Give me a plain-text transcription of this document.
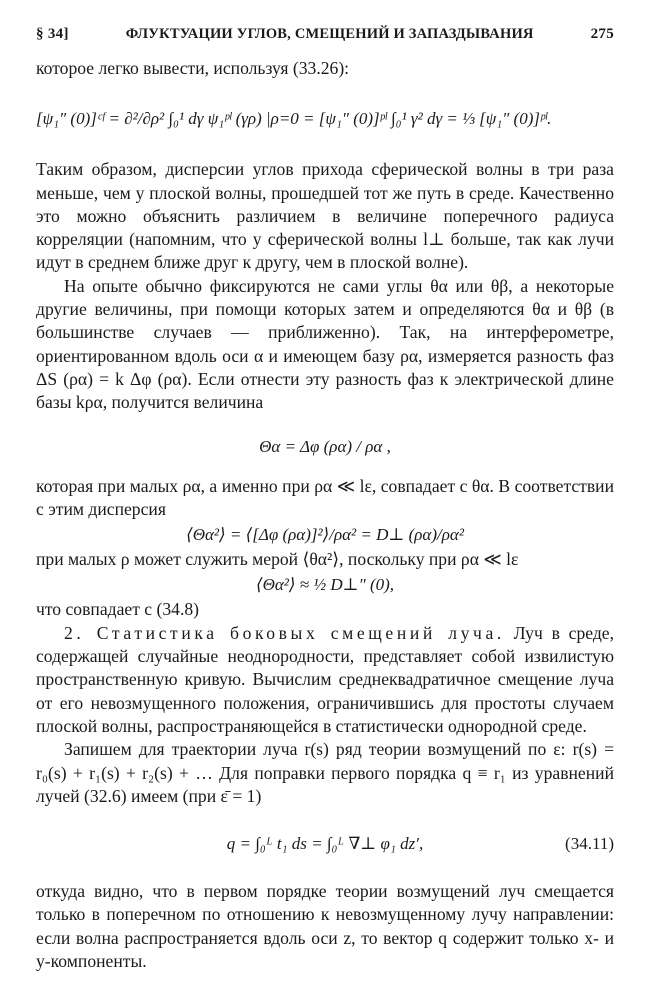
§ 34]	ФЛУКТУАЦИИ УГЛОВ, СМЕЩЕНИЙ И ЗАПАЗДЫВАНИЯ	275

которое легко вывести, используя (33.26):

[ψ₁″ (0)]ᶜᶠ = ∂²/∂ρ² ∫₀¹ dγ ψ₁ᵖˡ (γρ) |ρ=0 = [ψ₁″ (0)]ᵖˡ ∫₀¹ γ² dγ = ⅓ [ψ₁″ (0)]ᵖˡ.

Таким образом, дисперсии углов прихода сферической волны в три раза меньше, чем у плоской волны, прошедшей тот же путь в среде. Качественно это можно объяснить различием в величине поперечного радиуса корреляции (напомним, что у сферической волны l⊥ больше, так как лучи идут в среднем ближе друг к другу, чем в плоской волне).

На опыте обычно фиксируются не сами углы θα или θβ, а некоторые другие величины, при помощи которых затем и определяются θα и θβ (в большинстве случаев — приближенно). Так, на интерферометре, ориентированном вдоль оси α и имеющем базу ρα, измеряется разность фаз ΔS (ρα) = k Δφ (ρα). Если отнести эту разность фаз к электрической длине базы kρα, получится величина

Θα = Δφ (ρα) / ρα ,

которая при малых ρα, а именно при ρα ≪ lε, совпадает с θα. В соответствии с этим дисперсия

⟨Θα²⟩ = ⟨[Δφ (ρα)]²⟩/ρα² = D⊥ (ρα)/ρα²

при малых ρ может служить мерой ⟨θα²⟩, поскольку при ρα ≪ lε

⟨Θα²⟩ ≈ ½ D⊥″ (0),

что совпадает с (34.8)

2. Статистика боковых смещений луча. Луч в среде, содержащей случайные неоднородности, представляет собой извилистую пространственную кривую. Вычислим среднеквадратичное смещение луча от его невозмущенного положения, ограничившись для простоты случаем плоской волны, распространяющейся в статистически однородной среде.

Запишем для траектории луча r(s) ряд теории возмущений по ε: r(s) = r₀(s) + r₁(s) + r₂(s) + … Для поправки первого порядка q ≡ r₁ из уравнений лучей (32.6) имеем (при ε̄ = 1)

q = ∫₀ᴸ t₁ ds = ∫₀ᴸ ∇⊥ φ₁ dz′,	(34.11)

откуда видно, что в первом порядке теории возмущений луч смещается только в поперечном по отношению к невозмущенному лучу направлении: если волна распространяется вдоль оси z, то вектор q содержит только x- и y-компоненты.
